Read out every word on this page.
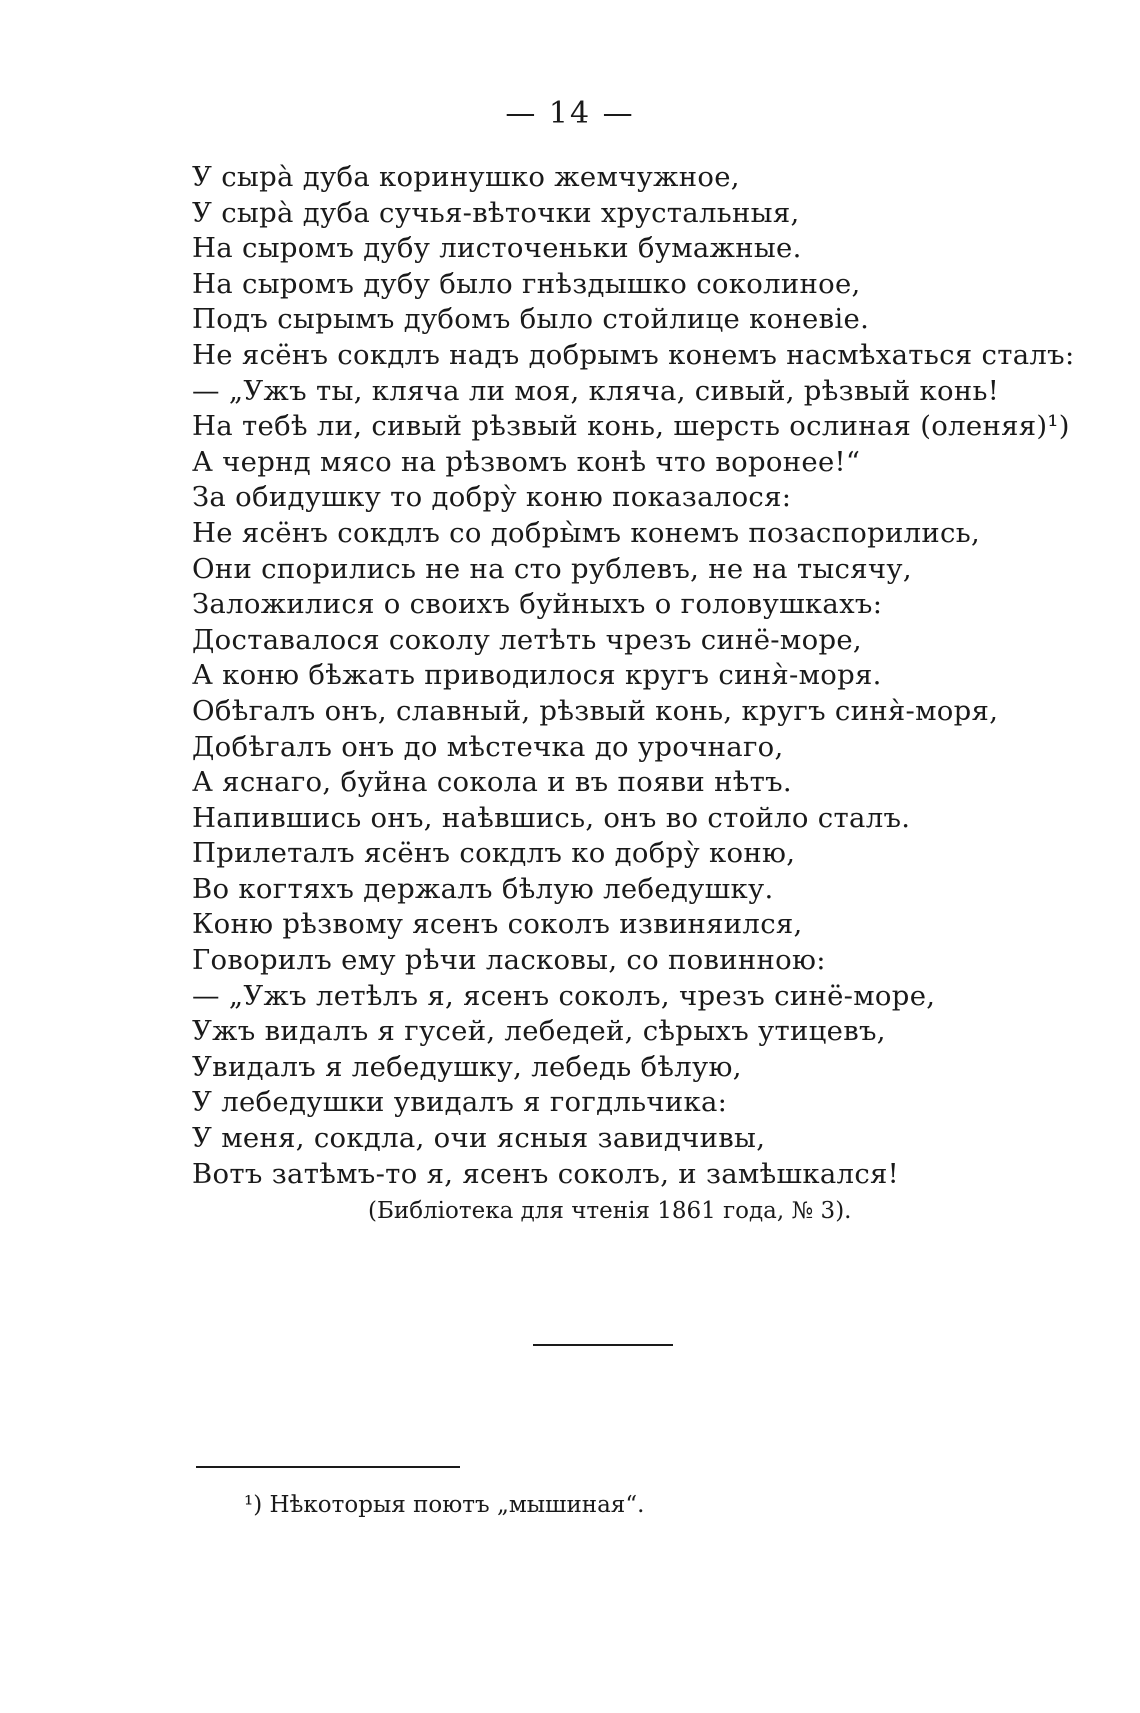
— 14 —
У сыра̀ дуба коринушко жемчужное,
У сыра̀ дуба сучья-вѣточки хрустальныя,
На сыромъ дубу листоченьки бумажные.
На сыромъ дубу было гнѣздышко соколиное,
Подъ сырымъ дубомъ было стойлице коневіе.
Не ясёнъ сокдлъ надъ добрымъ конемъ насмѣхаться сталъ:
— „Ужъ ты, кляча ли моя, кляча, сивый, рѣзвый конь!
На тебѣ ли, сивый рѣзвый конь, шерсть ослиная (оленяя)¹)
А чернд мясо на рѣзвомъ конѣ что воронее!“
За обидушку то добру̀ коню показалося:
Не ясёнъ сокдлъ со добры̀мъ конемъ позаспорились,
Они спорились не на сто рублевъ, не на тысячу,
Заложилися о своихъ буйныхъ о головушкахъ:
Доставалося соколу летѣть чрезъ синё-море,
А коню бѣжать приводилося кругъ синя̀-моря.
Обѣгалъ онъ, славный, рѣзвый конь, кругъ синя̀-моря,
Добѣгалъ онъ до мѣстечка до урочнаго,
А яснаго, буйна сокола и въ появи нѣтъ.
Напившись онъ, наѣвшись, онъ во стойло сталъ.
Прилеталъ ясёнъ сокдлъ ко добру̀ коню,
Во когтяхъ держалъ бѣлую лебедушку.
Коню рѣзвому ясенъ соколъ извиняился,
Говорилъ ему рѣчи ласковы, со повинною:
— „Ужъ летѣлъ я, ясенъ соколъ, чрезъ синё-море,
Ужъ видалъ я гусей, лебедей, сѣрыхъ утицевъ,
Увидалъ я лебедушку, лебедь бѣлую,
У лебедушки увидалъ я гогдльчика:
У меня, сокдла, очи ясныя завидчивы,
Вотъ затѣмъ-то я, ясенъ соколъ, и замѣшкался!
(Библіотека для чтенія 1861 года, № 3).
¹) Нѣкоторыя поютъ „мышиная“.
